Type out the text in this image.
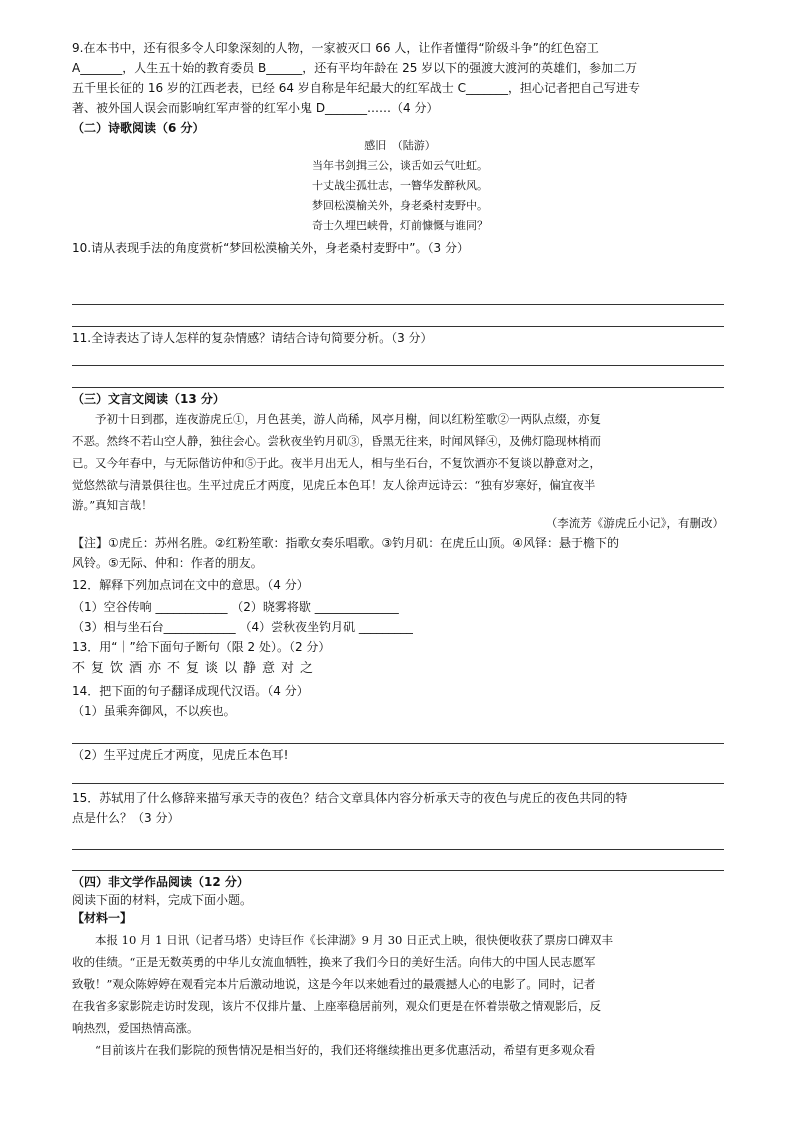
9.在本书中，还有很多令人印象深刻的人物，一家被灭口 66 人，让作者懂得“阶级斗争”的红色窑工
A_______，人生五十始的教育委员 B______，还有平均年龄在 25 岁以下的强渡大渡河的英雄们，参加二万
五千里长征的 16 岁的江西老表，已经 64 岁自称是年纪最大的红军战士 C_______，担心记者把自己写进专
著、被外国人误会而影响红军声誉的红军小鬼 D_______……（4 分）
（二）诗歌阅读（6 分）
感旧　（陆游）
当年书剑揖三公，谈舌如云气吐虹。
十丈战尘孤壮志，一簪华发醉秋风。
梦回松漠榆关外，身老桑村麦野中。
奇士久埋巴峡骨，灯前慷慨与谁同？
10.请从表现手法的角度赏析“梦回松漠榆关外，身老桑村麦野中”。（3 分）
11.全诗表达了诗人怎样的复杂情感？请结合诗句简要分析。（3 分）
（三）文言文阅读（13 分）
　　予初十日到郡，连夜游虎丘①，月色甚美，游人尚稀，风亭月榭，间以红粉笙歌②一两队点缀，亦复
不恶。然终不若山空人静，独往会心。尝秋夜坐钓月矶③，昏黑无往来，时闻风铎④，及佛灯隐现林梢而
已。又今年春中，与无际偕访仲和⑤于此。夜半月出无人，相与坐石台，不复饮酒亦不复谈以静意对之，
觉悠然欲与清景俱往也。生平过虎丘才两度，见虎丘本色耳！友人徐声远诗云：“独有岁寒好，偏宜夜半
游。”真知言哉！
（李流芳《游虎丘小记》，有删改）
【注】①虎丘：苏州名胜。②红粉笙歌：指歌女奏乐唱歌。③钓月矶：在虎丘山顶。④风铎：悬于檐下的
风铃。⑤无际、仲和：作者的朋友。
12．解释下列加点词在文中的意思。（4 分）
（1）空谷传响 ____________ （2）晓雾将歇 ______________
（3）相与坐石台____________ （4）尝秋夜坐钓月矶 _________
13．用“｜”给下面句子断句（限 2 处）。（2 分）
不复饮酒亦不复谈以静意对之
14．把下面的句子翻译成现代汉语。（4 分）
（1）虽乘奔御风，不以疾也。
（2）生平过虎丘才两度，见虎丘本色耳!
15．苏轼用了什么修辞来描写承天寺的夜色？结合文章具体内容分析承天寺的夜色与虎丘的夜色共同的特
点是什么？（3 分）
（四）非文学作品阅读（12 分）
阅读下面的材料，完成下面小题。
【材料一】
　　本报 10 月 1 日讯（记者马塔）史诗巨作《长津湖》9 月 30 日正式上映，很快便收获了票房口碑双丰
收的佳绩。“正是无数英勇的中华儿女流血牺牲，换来了我们今日的美好生活。向伟大的中国人民志愿军
致敬！”观众陈婷婷在观看完本片后激动地说，这是今年以来她看过的最震撼人心的电影了。同时，记者
在我省多家影院走访时发现，该片不仅排片量、上座率稳居前列，观众们更是在怀着崇敬之情观影后，反
响热烈，爱国热情高涨。
　　“目前该片在我们影院的预售情况是相当好的，我们还将继续推出更多优惠活动，希望有更多观众看
